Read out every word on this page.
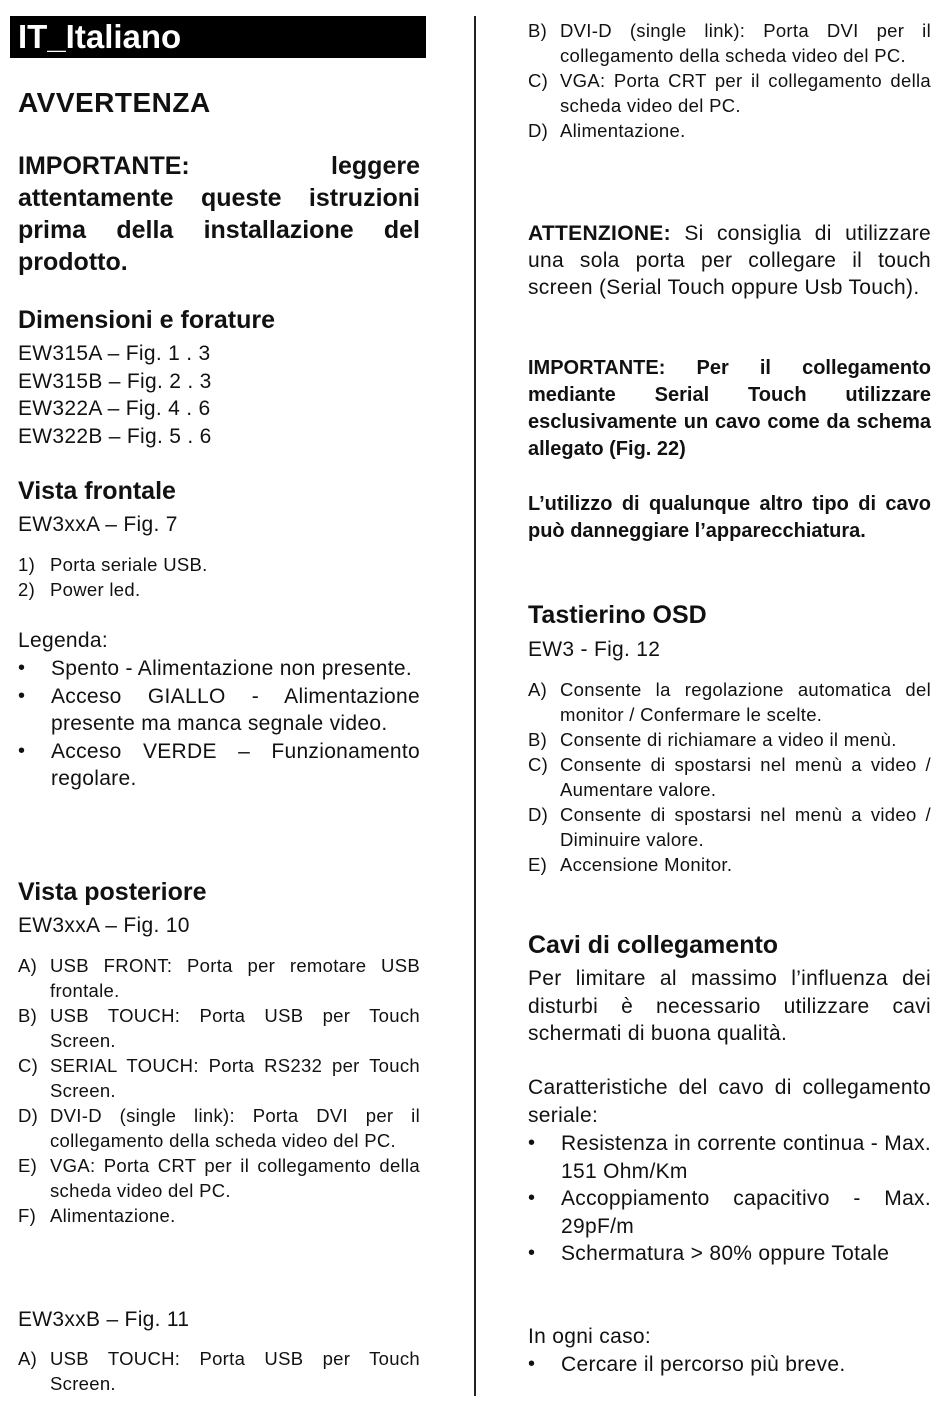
IT_Italiano
AVVERTENZA
IMPORTANTE: leggere attentamente queste istruzioni prima della installazione del prodotto.
Dimensioni e forature
EW315A – Fig. 1 . 3
EW315B – Fig. 2 . 3
EW322A – Fig. 4 . 6
EW322B – Fig. 5 . 6
Vista frontale
EW3xxA – Fig. 7
1) Porta seriale USB.
2) Power led.
Legenda:
• Spento - Alimentazione non presente.
• Acceso GIALLO - Alimentazione presente ma manca segnale video.
• Acceso VERDE – Funzionamento regolare.
Vista posteriore
EW3xxA – Fig. 10
A) USB FRONT: Porta per remotare USB frontale.
B) USB TOUCH: Porta USB per Touch Screen.
C) SERIAL TOUCH: Porta RS232 per Touch Screen.
D) DVI-D (single link): Porta DVI per il collegamento della scheda video del PC.
E) VGA: Porta CRT per il collegamento della scheda video del PC.
F) Alimentazione.
EW3xxB – Fig. 11
A) USB TOUCH: Porta USB per Touch Screen.
B) DVI-D (single link): Porta DVI per il collegamento della scheda video del PC.
C) VGA: Porta CRT per il collegamento della scheda video del PC.
D) Alimentazione.
ATTENZIONE: Si consiglia di utilizzare una sola porta per collegare il touch screen (Serial Touch oppure Usb Touch).
IMPORTANTE: Per il collegamento mediante Serial Touch utilizzare esclusivamente un cavo come da schema allegato (Fig. 22)
L’utilizzo di qualunque altro tipo di cavo può danneggiare l’apparecchiatura.
Tastierino OSD
EW3 - Fig. 12
A) Consente la regolazione automatica del monitor / Confermare le scelte.
B) Consente di richiamare a video il menù.
C) Consente di spostarsi nel menù a video / Aumentare valore.
D) Consente di spostarsi nel menù a video / Diminuire valore.
E) Accensione Monitor.
Cavi di collegamento
Per limitare al massimo l’influenza dei disturbi è necessario utilizzare cavi schermati di buona qualità.
Caratteristiche del cavo di collegamento seriale:
• Resistenza in corrente continua - Max. 151 Ohm/Km
• Accoppiamento capacitivo - Max. 29pF/m
• Schermatura > 80% oppure Totale
In ogni caso:
• Cercare il percorso più breve.
